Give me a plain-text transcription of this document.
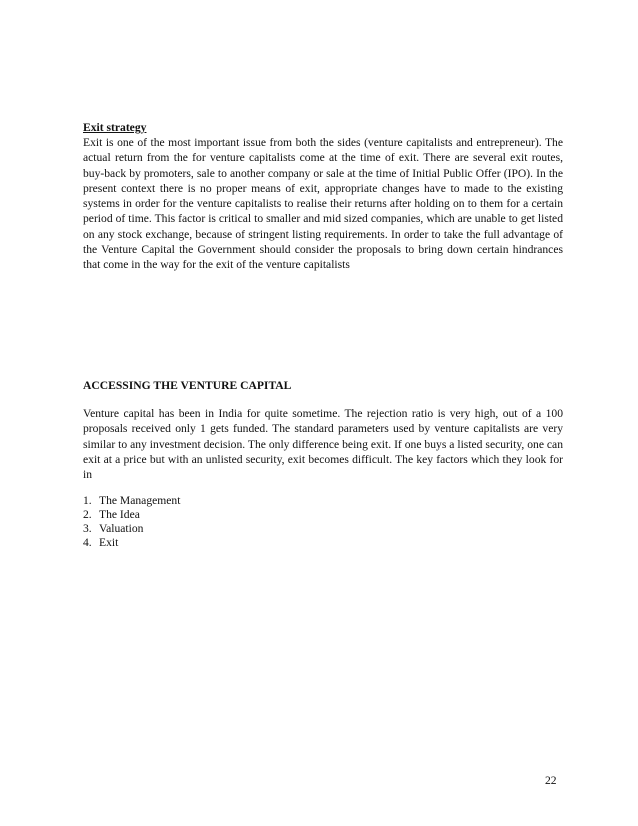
Exit strategy

Exit is one of the most important issue from both the sides (venture capitalists and entrepreneur). The actual return from the for venture capitalists come at the time of exit. There are several exit routes, buy-back by promoters, sale to another company or sale at the time of Initial Public Offer (IPO). In the present context there is no proper means of exit, appropriate changes have to made to the existing systems in order for the venture capitalists to realise their returns after holding on to them for a certain period of time. This factor is critical to smaller and mid sized companies, which are unable to get listed on any stock exchange, because of stringent listing requirements. In order to take the full advantage of the Venture Capital the Government should consider the proposals to bring down certain hindrances that come in the way for the exit of the venture capitalists

ACCESSING THE VENTURE CAPITAL

Venture capital has been in India for quite sometime. The rejection ratio is very high, out of a 100 proposals received only 1 gets funded. The standard parameters used by venture capitalists are very similar to any investment decision. The only difference being exit. If one buys a listed security, one can exit at a price but with an unlisted security, exit becomes difficult. The key factors which they look for in

1. The Management
2. The Idea
3. Valuation
4. Exit
22
